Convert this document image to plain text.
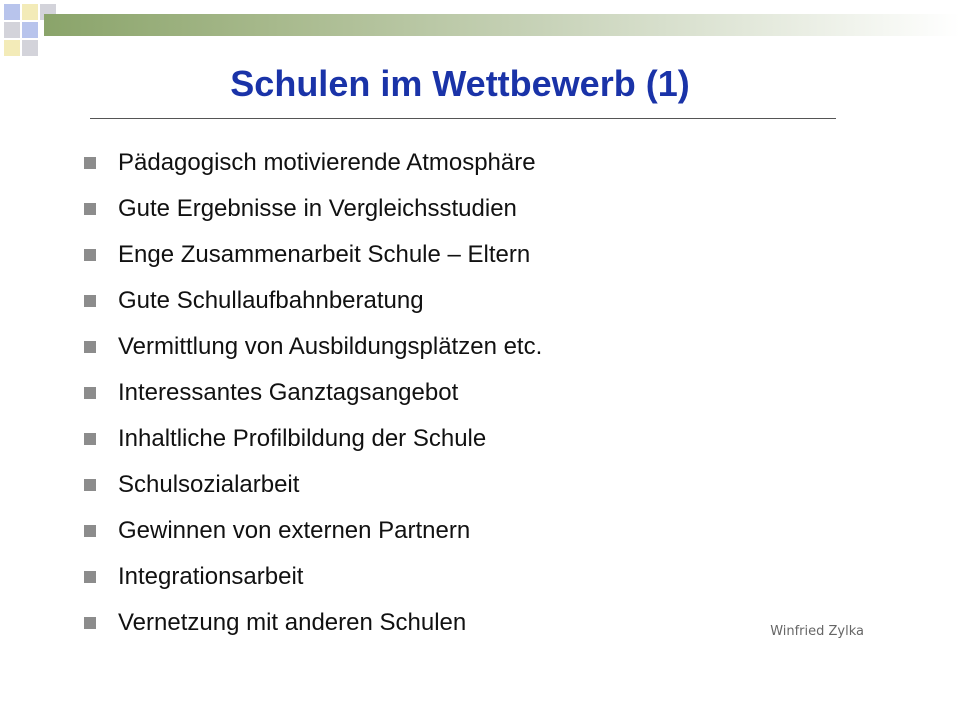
Schulen im Wettbewerb (1)
Pädagogisch motivierende Atmosphäre
Gute Ergebnisse in Vergleichsstudien
Enge Zusammenarbeit Schule – Eltern
Gute Schullaufbahnberatung
Vermittlung von Ausbildungsplätzen etc.
Interessantes Ganztagsangebot
Inhaltliche Profilbildung der Schule
Schulsozialarbeit
Gewinnen von externen Partnern
Integrationsarbeit
Vernetzung mit anderen Schulen	Winfried Zylka
